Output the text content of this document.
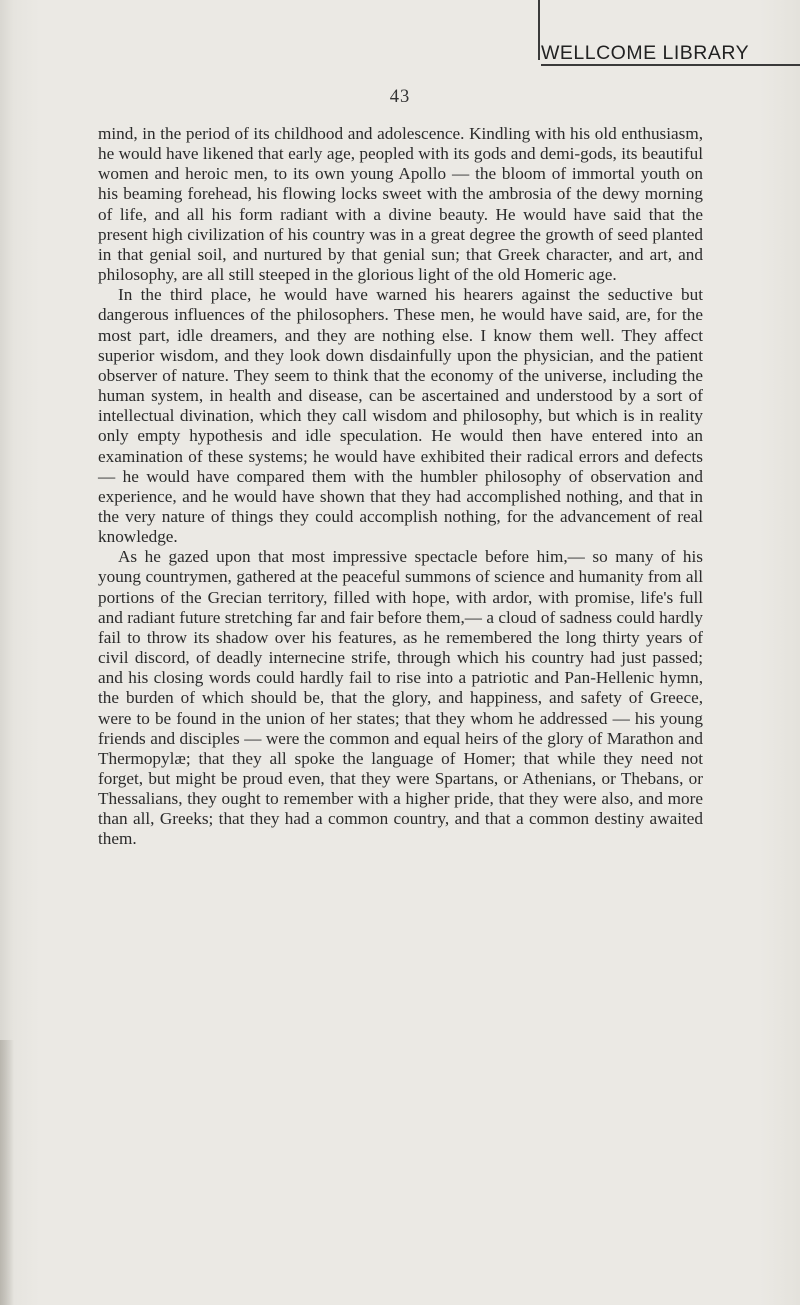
WELLCOME LIBRARY
43

mind, in the period of its childhood and adolescence. Kindling with his old enthusiasm, he would have likened that early age, peopled with its gods and demi-gods, its beautiful women and heroic men, to its own young Apollo — the bloom of immortal youth on his beaming forehead, his flowing locks sweet with the ambrosia of the dewy morning of life, and all his form radiant with a divine beauty. He would have said that the present high civilization of his country was in a great degree the growth of seed planted in that genial soil, and nurtured by that genial sun; that Greek character, and art, and philosophy, are all still steeped in the glorious light of the old Homeric age.

In the third place, he would have warned his hearers against the seductive but dangerous influences of the philosophers. These men, he would have said, are, for the most part, idle dreamers, and they are nothing else. I know them well. They affect superior wisdom, and they look down disdainfully upon the physician, and the patient observer of nature. They seem to think that the economy of the universe, including the human system, in health and disease, can be ascertained and understood by a sort of intellectual divination, which they call wisdom and philosophy, but which is in reality only empty hypothesis and idle speculation. He would then have entered into an examination of these systems; he would have exhibited their radical errors and defects — he would have compared them with the humbler philosophy of observation and experience, and he would have shown that they had accomplished nothing, and that in the very nature of things they could accomplish nothing, for the advancement of real knowledge.

As he gazed upon that most impressive spectacle before him,— so many of his young countrymen, gathered at the peaceful summons of science and humanity from all portions of the Grecian territory, filled with hope, with ardor, with promise, life's full and radiant future stretching far and fair before them,— a cloud of sadness could hardly fail to throw its shadow over his features, as he remembered the long thirty years of civil discord, of deadly internecine strife, through which his country had just passed; and his closing words could hardly fail to rise into a patriotic and Pan-Hellenic hymn, the burden of which should be, that the glory, and happiness, and safety of Greece, were to be found in the union of her states; that they whom he addressed — his young friends and disciples — were the common and equal heirs of the glory of Marathon and Thermopylæ; that they all spoke the language of Homer; that while they need not forget, but might be proud even, that they were Spartans, or Athenians, or Thebans, or Thessalians, they ought to remember with a higher pride, that they were also, and more than all, Greeks; that they had a common country, and that a common destiny awaited them.
